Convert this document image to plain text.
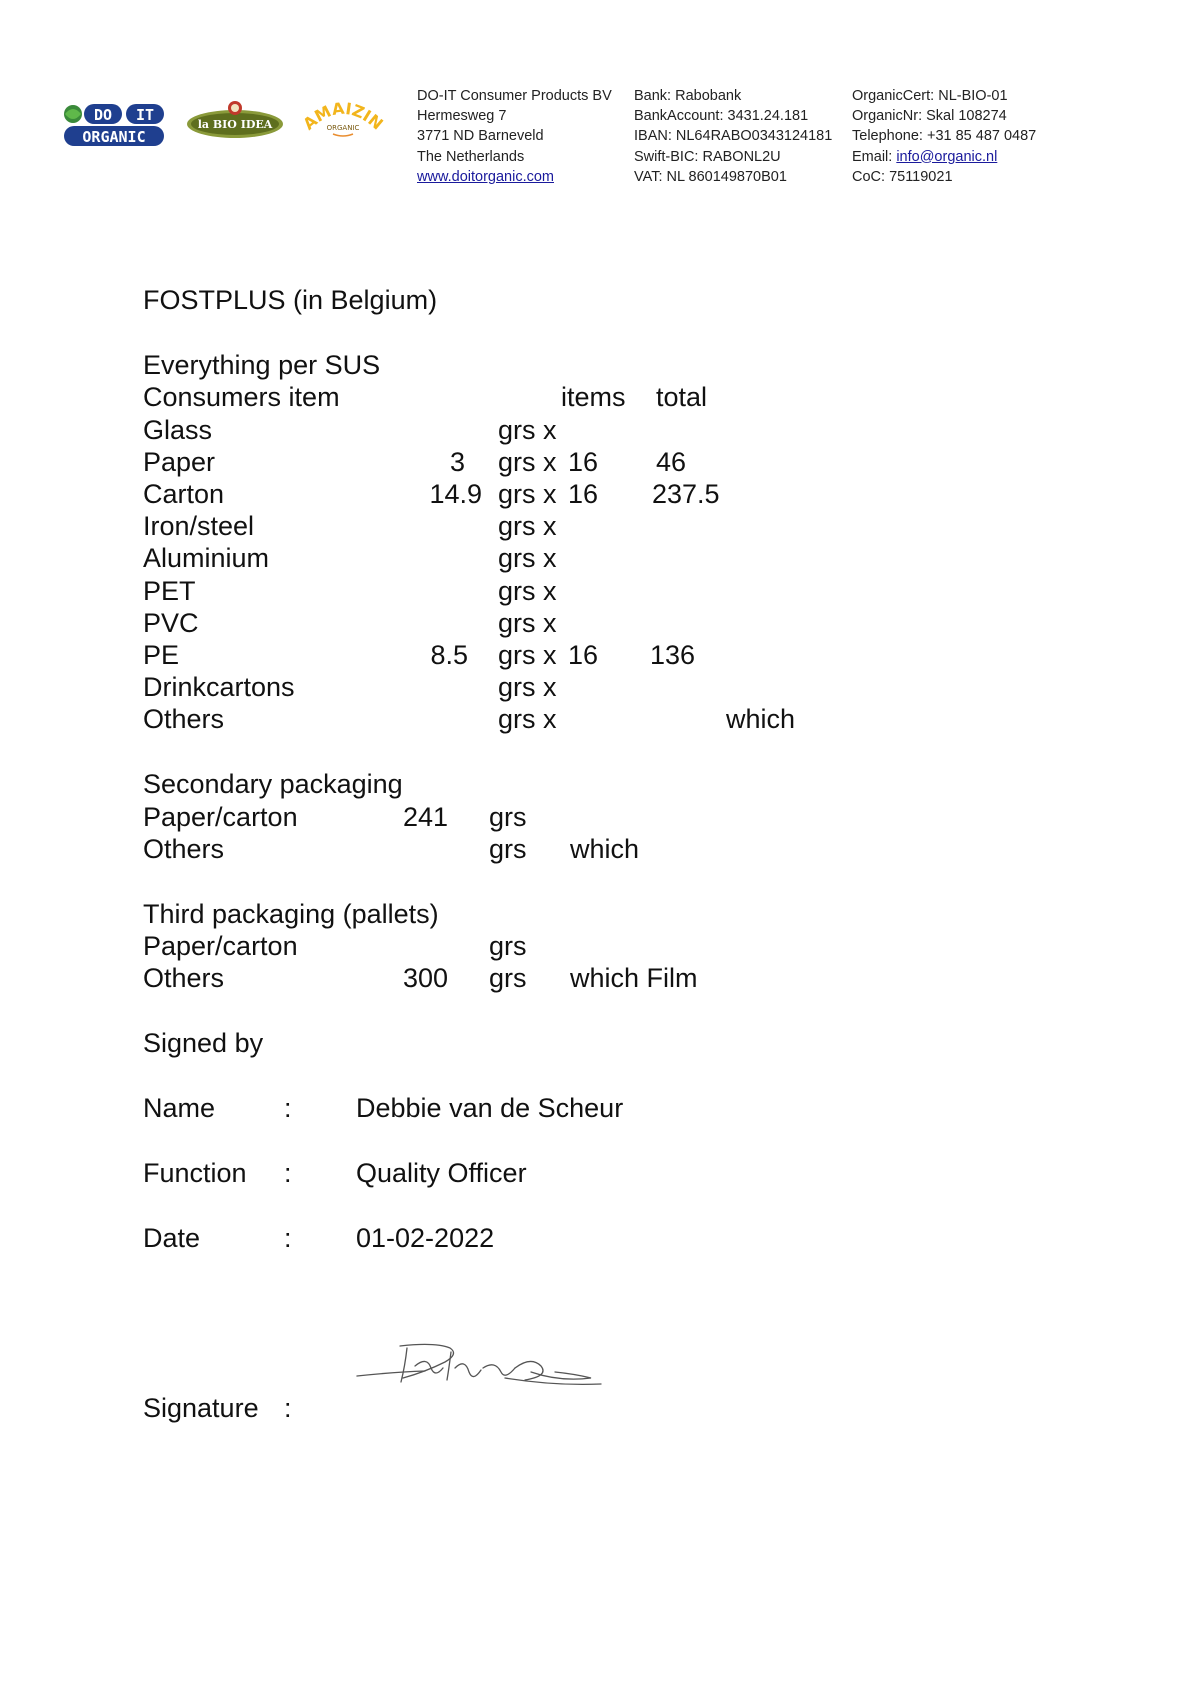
DO IT
ORGANIC
la BIO IDEA AMAIZIN
ORGANIC
DO-IT Consumer Products BV
Hermesweg 7
3771 ND Barneveld
The Netherlands
www.doitorganic.com
Bank: Rabobank
BankAccount: 3431.24.181
IBAN: NL64RABO0343124181
Swift-BIC: RABONL2U
VAT: NL 860149870B01
OrganicCert: NL-BIO-01
OrganicNr: Skal 108274
Telephone: +31 85 487 0487
Email: info@organic.nl
CoC: 75119021
FOSTPLUS (in Belgium)
Everything per SUS
Consumers item	items total
Glass	grs x
Paper	3 grs x 16 46
Carton	14.9 grs x 16 237.5
Iron/steel	grs x
Aluminium	grs x
PET	grs x
PVC	grs x
PE	8.5 grs x 16 136
Drinkcartons	grs x
Others	grs x	which
Secondary packaging
Paper/carton	241 grs
Others	grs which
Third packaging (pallets)
Paper/carton	grs
Others	300 grs which Film
Signed by
Name	: Debbie van de Scheur
Function : Quality Officer
Date	: 01-02-2022
Signature :
